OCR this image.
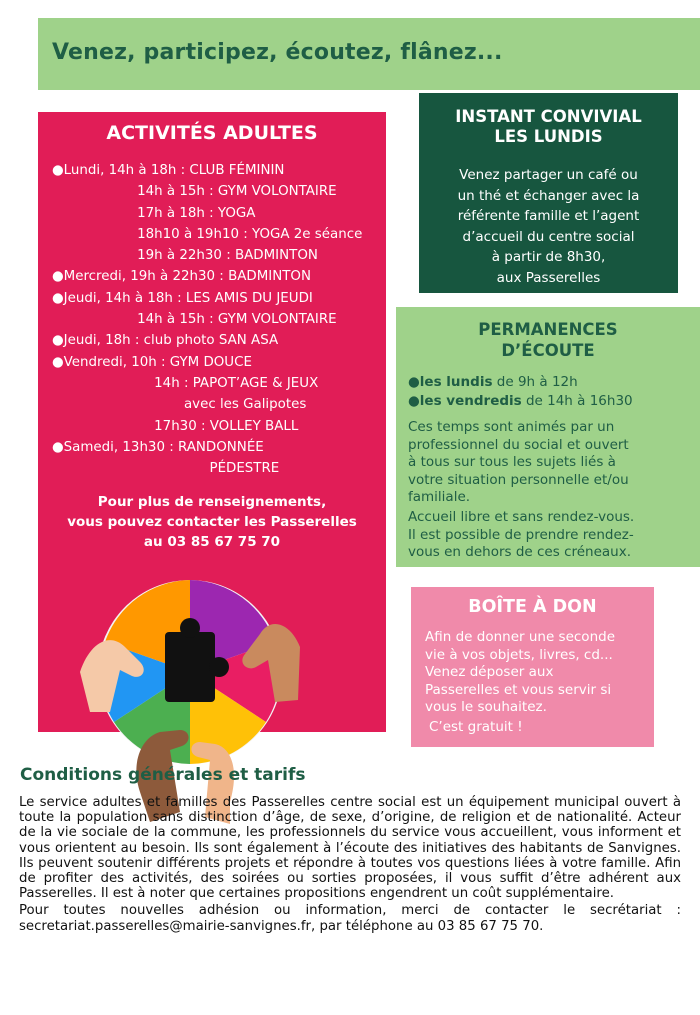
Venez, participez, écoutez, flânez...
ACTIVITÉS ADULTES
●Lundi, 14h à 18h : CLUB FÉMININ
14h à 15h : GYM VOLONTAIRE
17h à 18h : YOGA
18h10 à 19h10 : YOGA 2e séance
19h à 22h30 : BADMINTON
●Mercredi, 19h à 22h30 : BADMINTON
●Jeudi, 14h à 18h : LES AMIS DU JEUDI
14h à 15h : GYM VOLONTAIRE
●Jeudi, 18h : club photo SAN ASA
●Vendredi, 10h : GYM DOUCE
14h : PAPOT’AGE & JEUX
avec les Galipotes
17h30 : VOLLEY BALL
●Samedi, 13h30 : RANDONNÉE
PÉDESTRE
Pour plus de renseignements,
vous pouvez contacter les Passerelles
au 03 85 67 75 70
INSTANT CONVIVIAL
LES LUNDIS
Venez partager un café ou
un thé et échanger avec la
référente famille et l’agent
d’accueil du centre social
à partir de 8h30,
aux Passerelles
PERMANENCES
D’ÉCOUTE
●les lundis de 9h à 12h
●les vendredis de 14h à 16h30
Ces temps sont animés par un
professionnel du social et ouvert
à tous sur tous les sujets liés à
votre situation personnelle et/ou
familiale.
Accueil libre et sans rendez-vous.
Il est possible de prendre rendez-
vous en dehors de ces créneaux.
BOÎTE À DON
Afin de donner une seconde
vie à vos objets, livres, cd...
Venez déposer aux
Passerelles et vous servir si
vous le souhaitez.
C’est gratuit !
Conditions générales et tarifs

Le service adultes et familles des Passerelles centre social est un équipement municipal ouvert à toute la population sans distinction d’âge, de sexe, d’origine, de religion et de nationalité. Acteur de la vie sociale de la commune, les professionnels du service vous accueillent, vous informent et vous orientent au besoin. Ils sont également à l’écoute des initiatives des habitants de Sanvignes. Ils peuvent soutenir différents projets et répondre à toutes vos questions liées à votre famille. Afin de profiter des activités, des soirées ou sorties proposées, il vous suffit d’être adhérent aux Passerelles. Il est à noter que certaines propositions engendrent un coût supplémentaire.

Pour toutes nouvelles adhésion ou information, merci de contacter le secrétariat : secretariat.passerelles@mairie-sanvignes.fr, par téléphone au 03 85 67 75 70.
